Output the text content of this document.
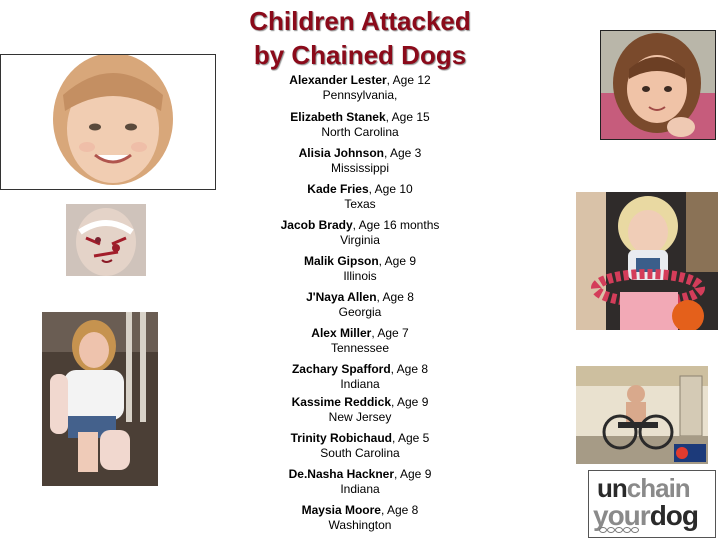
Children Attacked
by Chained Dogs
Alexander Lester, Age 12
Pennsylvania,
Elizabeth Stanek, Age 15
North Carolina
Alisia Johnson, Age 3
Mississippi
Kade Fries, Age 10
Texas
Jacob Brady, Age 16 months
Virginia
Malik Gipson, Age 9
Illinois
J'Naya Allen, Age 8
Georgia
Alex Miller, Age 7
Tennessee
Zachary Spafford, Age 8
Indiana
Kassime Reddick, Age 9
New Jersey
Trinity Robichaud, Age 5
South Carolina
De.Nasha Hackner, Age 9
Indiana
Maysia Moore, Age 8
Washington
unchain
yourdog
